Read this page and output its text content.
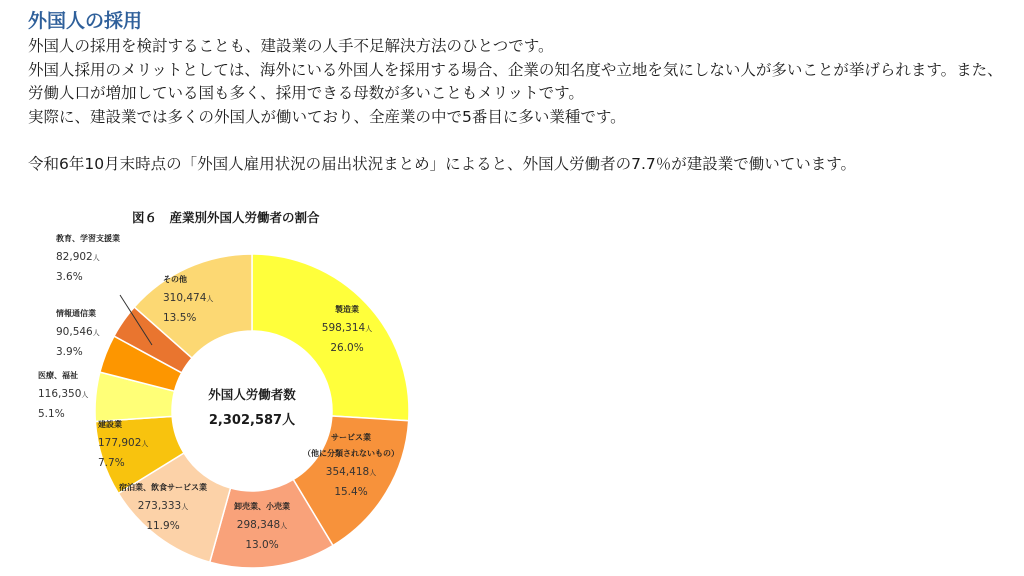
外国人の採用

外国人の採用を検討することも、建設業の人手不足解決方法のひとつです。

外国人採用のメリットとしては、海外にいる外国人を採用する場合、企業の知名度や立地を気にしない人が多いことが挙げられます。また、労働人口が増加している国も多く、採用できる母数が多いこともメリットです。

実際に、建設業では多くの外国人が働いており、全産業の中で5番目に多い業種です。

令和6年10月末時点の「外国人雇用状況の届出状況まとめ」によると、外国人労働者の7.7％が建設業で働いています。

図６　産業別外国人労働者の割合
製造業
598,314人
26.0%
サービス業
（他に分類されないもの）
354,418人
15.4%
卸売業、小売業
298,348人
13.0%
宿泊業、飲食サービス業
273,333人
11.9%
建設業
177,902人
7.7%
医療、福祉
116,350人
5.1%
情報通信業
90,546人
3.9%
教育、学習支援業
82,902人
3.6%	その他
310,474人
13.5%
外国人労働者数
2,302,587人
